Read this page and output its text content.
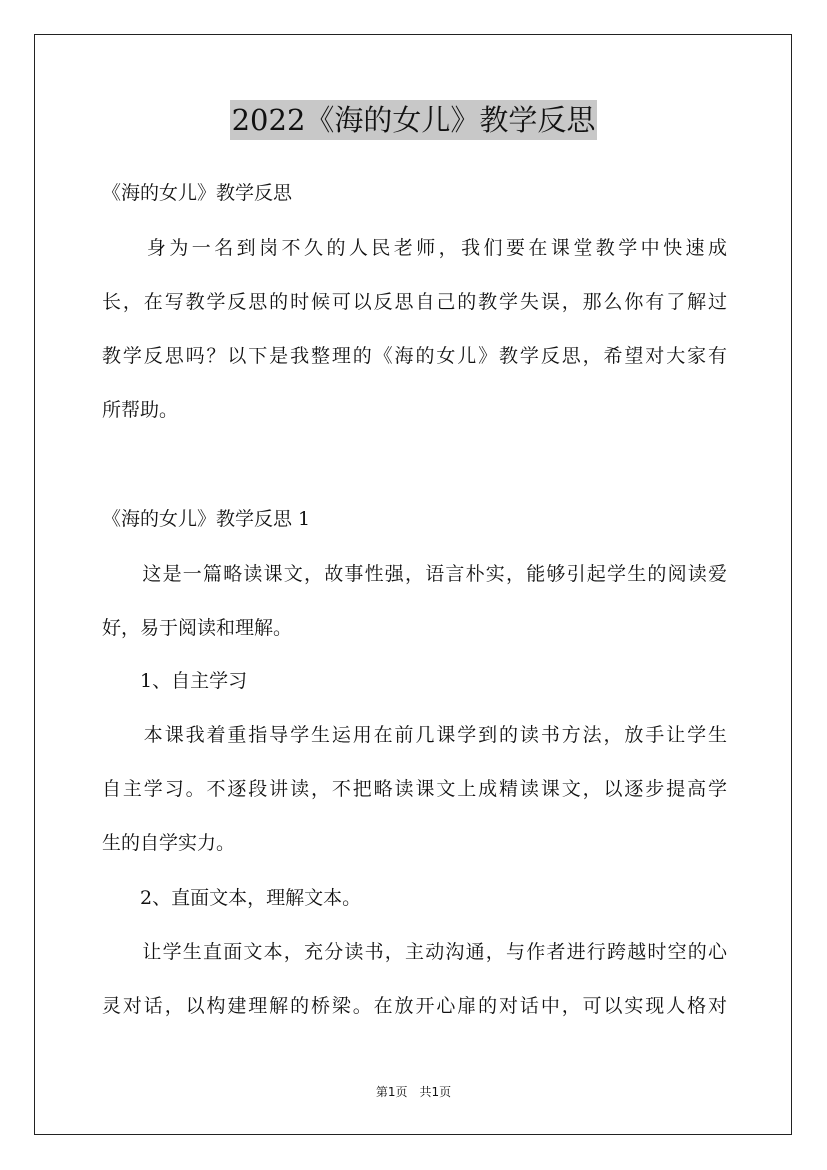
2022《海的女儿》教学反思
《海的女儿》教学反思
　　身为一名到岗不久的人民老师，我们要在课堂教学中快速成
长，在写教学反思的时候可以反思自己的教学失误，那么你有了解过
教学反思吗？以下是我整理的《海的女儿》教学反思，希望对大家有
所帮助。
《海的女儿》教学反思 1
　　这是一篇略读课文，故事性强，语言朴实，能够引起学生的阅读爱
好，易于阅读和理解。
　　1、自主学习
　　本课我着重指导学生运用在前几课学到的读书方法，放手让学生
自主学习。不逐段讲读，不把略读课文上成精读课文，以逐步提高学
生的自学实力。
　　2、直面文本，理解文本。
　　让学生直面文本，充分读书，主动沟通，与作者进行跨越时空的心
灵对话，以构建理解的桥梁。在放开心扉的对话中，可以实现人格对
第1页　共1页
